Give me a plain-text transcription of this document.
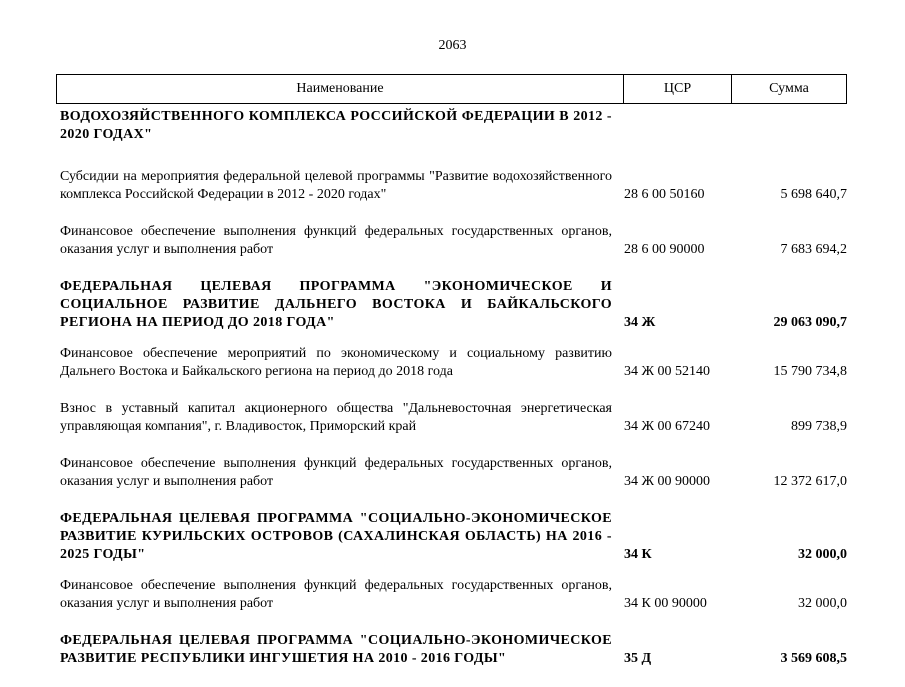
2063
Наименование	ЦСР	Сумма
ВОДОХОЗЯЙСТВЕННОГО КОМПЛЕКСА РОССИЙСКОЙ ФЕДЕРАЦИИ В 2012 - 2020 ГОДАХ"
Субсидии на мероприятия федеральной целевой программы "Развитие водохозяйственного комплекса Российской Федерации в 2012 - 2020 годах"	28 6 00 50160	5 698 640,7
Финансовое обеспечение выполнения функций федеральных государственных органов, оказания услуг и выполнения работ	28 6 00 90000	7 683 694,2
ФЕДЕРАЛЬНАЯ ЦЕЛЕВАЯ ПРОГРАММА "ЭКОНОМИЧЕСКОЕ И СОЦИАЛЬНОЕ РАЗВИТИЕ ДАЛЬНЕГО ВОСТОКА И БАЙКАЛЬСКОГО РЕГИОНА НА ПЕРИОД ДО 2018 ГОДА"	34 Ж	29 063 090,7
Финансовое обеспечение мероприятий по экономическому и социальному развитию Дальнего Востока и Байкальского региона на период до 2018 года	34 Ж 00 52140	15 790 734,8
Взнос в уставный капитал акционерного общества "Дальневосточная энергетическая управляющая компания", г. Владивосток, Приморский край	34 Ж 00 67240	899 738,9
Финансовое обеспечение выполнения функций федеральных государственных органов, оказания услуг и выполнения работ	34 Ж 00 90000	12 372 617,0
ФЕДЕРАЛЬНАЯ ЦЕЛЕВАЯ ПРОГРАММА "СОЦИАЛЬНО-ЭКОНОМИЧЕСКОЕ РАЗВИТИЕ КУРИЛЬСКИХ ОСТРОВОВ (САХАЛИНСКАЯ ОБЛАСТЬ) НА 2016 - 2025 ГОДЫ"	34 К	32 000,0
Финансовое обеспечение выполнения функций федеральных государственных органов, оказания услуг и выполнения работ	34 К 00 90000	32 000,0
ФЕДЕРАЛЬНАЯ ЦЕЛЕВАЯ ПРОГРАММА "СОЦИАЛЬНО-ЭКОНОМИЧЕСКОЕ РАЗВИТИЕ РЕСПУБЛИКИ ИНГУШЕТИЯ НА 2010 - 2016 ГОДЫ"	35 Д	3 569 608,5
